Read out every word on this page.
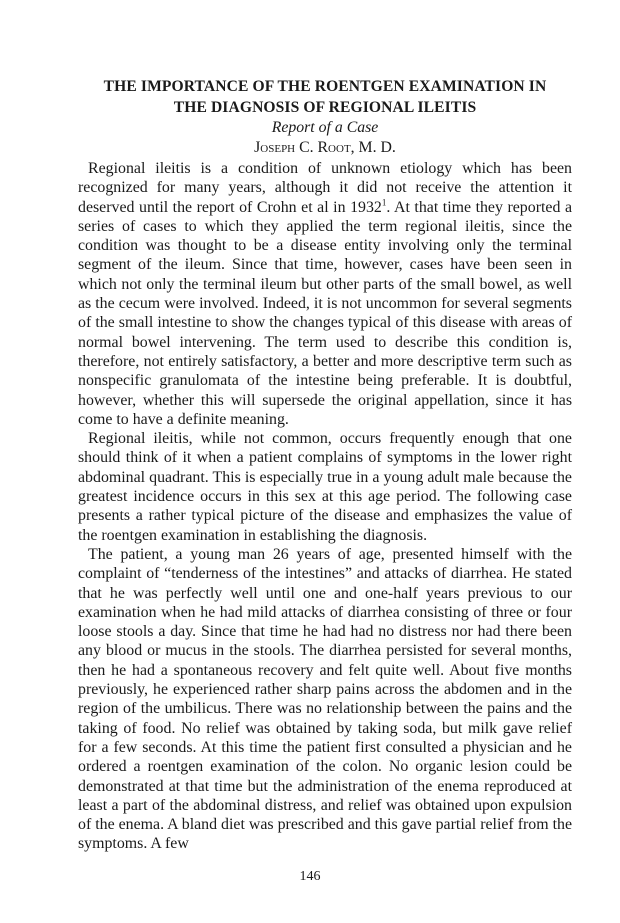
THE IMPORTANCE OF THE ROENTGEN EXAMINATION IN
THE DIAGNOSIS OF REGIONAL ILEITIS

Report of a Case

Joseph C. Root, M. D.

Regional ileitis is a condition of unknown etiology which has been recognized for many years, although it did not receive the attention it deserved until the report of Crohn et al in 1932$^1$. At that time they reported a series of cases to which they applied the term regional ileitis, since the condition was thought to be a disease entity involving only the terminal segment of the ileum. Since that time, however, cases have been seen in which not only the terminal ileum but other parts of the small bowel, as well as the cecum were involved. Indeed, it is not uncommon for several segments of the small intestine to show the changes typical of this disease with areas of normal bowel intervening. The term used to describe this condition is, therefore, not entirely satisfactory, a better and more descriptive term such as nonspecific granulomata of the intestine being preferable. It is doubtful, however, whether this will supersede the original appellation, since it has come to have a definite meaning.

Regional ileitis, while not common, occurs frequently enough that one should think of it when a patient complains of symptoms in the lower right abdominal quadrant. This is especially true in a young adult male because the greatest incidence occurs in this sex at this age period. The following case presents a rather typical picture of the disease and emphasizes the value of the roentgen examination in establishing the diagnosis.

The patient, a young man 26 years of age, presented himself with the complaint of “tenderness of the intestines” and attacks of diarrhea. He stated that he was perfectly well until one and one-half years previous to our examination when he had mild attacks of diarrhea consisting of three or four loose stools a day. Since that time he had had no distress nor had there been any blood or mucus in the stools. The diarrhea persisted for several months, then he had a spontaneous recovery and felt quite well. About five months previously, he experienced rather sharp pains across the abdomen and in the region of the umbilicus. There was no relationship between the pains and the taking of food. No relief was obtained by taking soda, but milk gave relief for a few seconds. At this time the patient first consulted a physician and he ordered a roentgen examination of the colon. No organic lesion could be demonstrated at that time but the administration of the enema reproduced at least a part of the abdominal distress, and relief was obtained upon expulsion of the enema. A bland diet was prescribed and this gave partial relief from the symptoms. A few

146
